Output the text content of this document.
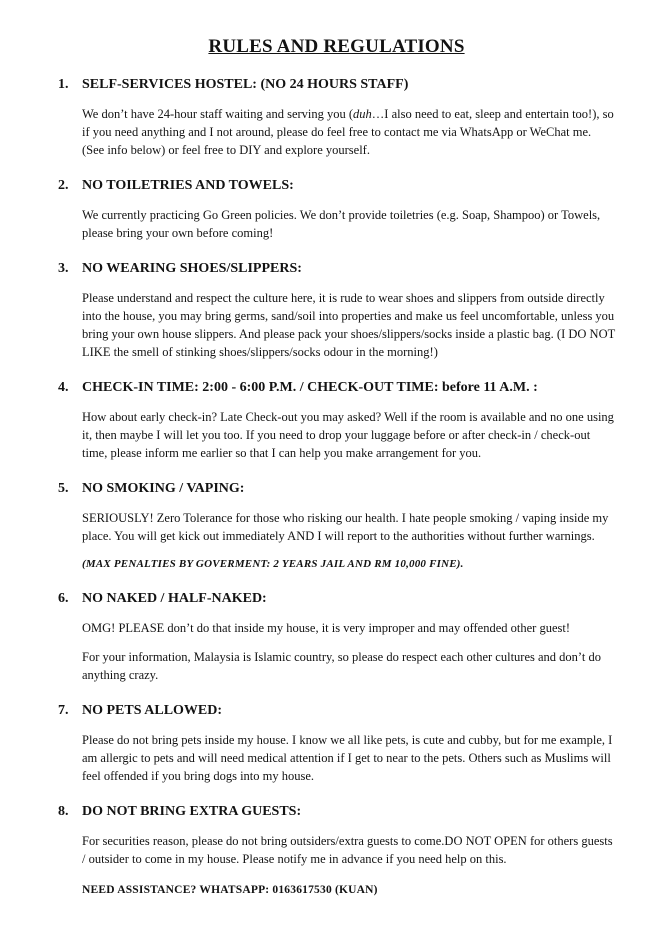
RULES AND REGULATIONS
1. SELF-SERVICES HOSTEL: (NO 24 HOURS STAFF)

We don’t have 24-hour staff waiting and serving you (duh…I also need to eat, sleep and entertain too!), so if you need anything and I not around, please do feel free to contact me via WhatsApp or WeChat me. (See info below) or feel free to DIY and explore yourself.

2. NO TOILETRIES AND TOWELS:

We currently practicing Go Green policies. We don’t provide toiletries (e.g. Soap, Shampoo) or Towels, please bring your own before coming!

3. NO WEARING SHOES/SLIPPERS:

Please understand and respect the culture here, it is rude to wear shoes and slippers from outside directly into the house, you may bring germs, sand/soil into properties and make us feel uncomfortable, unless you bring your own house slippers. And please pack your shoes/slippers/socks inside a plastic bag. (I DO NOT LIKE the smell of stinking shoes/slippers/socks odour in the morning!)

4. CHECK-IN TIME: 2:00 - 6:00 P.M. / CHECK-OUT TIME: before 11 A.M. :

How about early check-in? Late Check-out you may asked? Well if the room is available and no one using it, then maybe I will let you too. If you need to drop your luggage before or after check-in / check-out time, please inform me earlier so that I can help you make arrangement for you.

5. NO SMOKING / VAPING:

SERIOUSLY! Zero Tolerance for those who risking our health. I hate people smoking / vaping inside my place. You will get kick out immediately AND I will report to the authorities without further warnings.

(MAX PENALTIES BY GOVERMENT: 2 YEARS JAIL AND RM 10,000 FINE).

6. NO NAKED / HALF-NAKED:

OMG! PLEASE don’t do that inside my house, it is very improper and may offended other guest!

For your information, Malaysia is Islamic country, so please do respect each other cultures and don’t do anything crazy.

7. NO PETS ALLOWED:

Please do not bring pets inside my house. I know we all like pets, is cute and cubby, but for me example, I am allergic to pets and will need medical attention if I get to near to the pets. Others such as Muslims will feel offended if you bring dogs into my house.

8. DO NOT BRING EXTRA GUESTS:

For securities reason, please do not bring outsiders/extra guests to come.DO NOT OPEN for others guests / outsider to come in my house. Please notify me in advance if you need help on this.

NEED ASSISTANCE? WHATSAPP: 0163617530 (KUAN)
